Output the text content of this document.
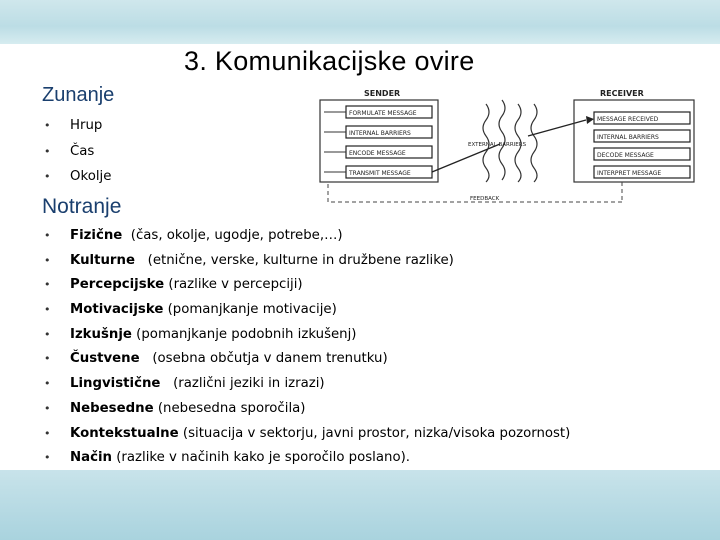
3. Komunikacijske ovire
Zunanje
• Hrup
• Čas
• Okolje
Notranje
• Fizične  (čas, okolje, ugodje, potrebe,…)
• Kulturne   (etnične, verske, kulturne in družbene razlike)
• Percepcijske (razlike v percepciji)
• Motivacijske (pomanjkanje motivacije)
• Izkušnje (pomanjkanje podobnih izkušenj)
• Čustvene   (osebna občutja v danem trenutku)
• Lingvistične   (različni jeziki in izrazi)
• Nebesedne (nebesedna sporočila)
• Kontekstualne (situacija v sektorju, javni prostor, nizka/visoka pozornost)
• Način (razlike v načinih kako je sporočilo poslano).
SENDER
FORMULATE MESSAGE
INTERNAL BARRIERS
ENCODE MESSAGE
TRANSMIT MESSAGE
EXTERNAL BARRIERS
RECEIVER
MESSAGE RECEIVED
INTERNAL BARRIERS
DECODE MESSAGE
INTERPRET MESSAGE
FEEDBACK
